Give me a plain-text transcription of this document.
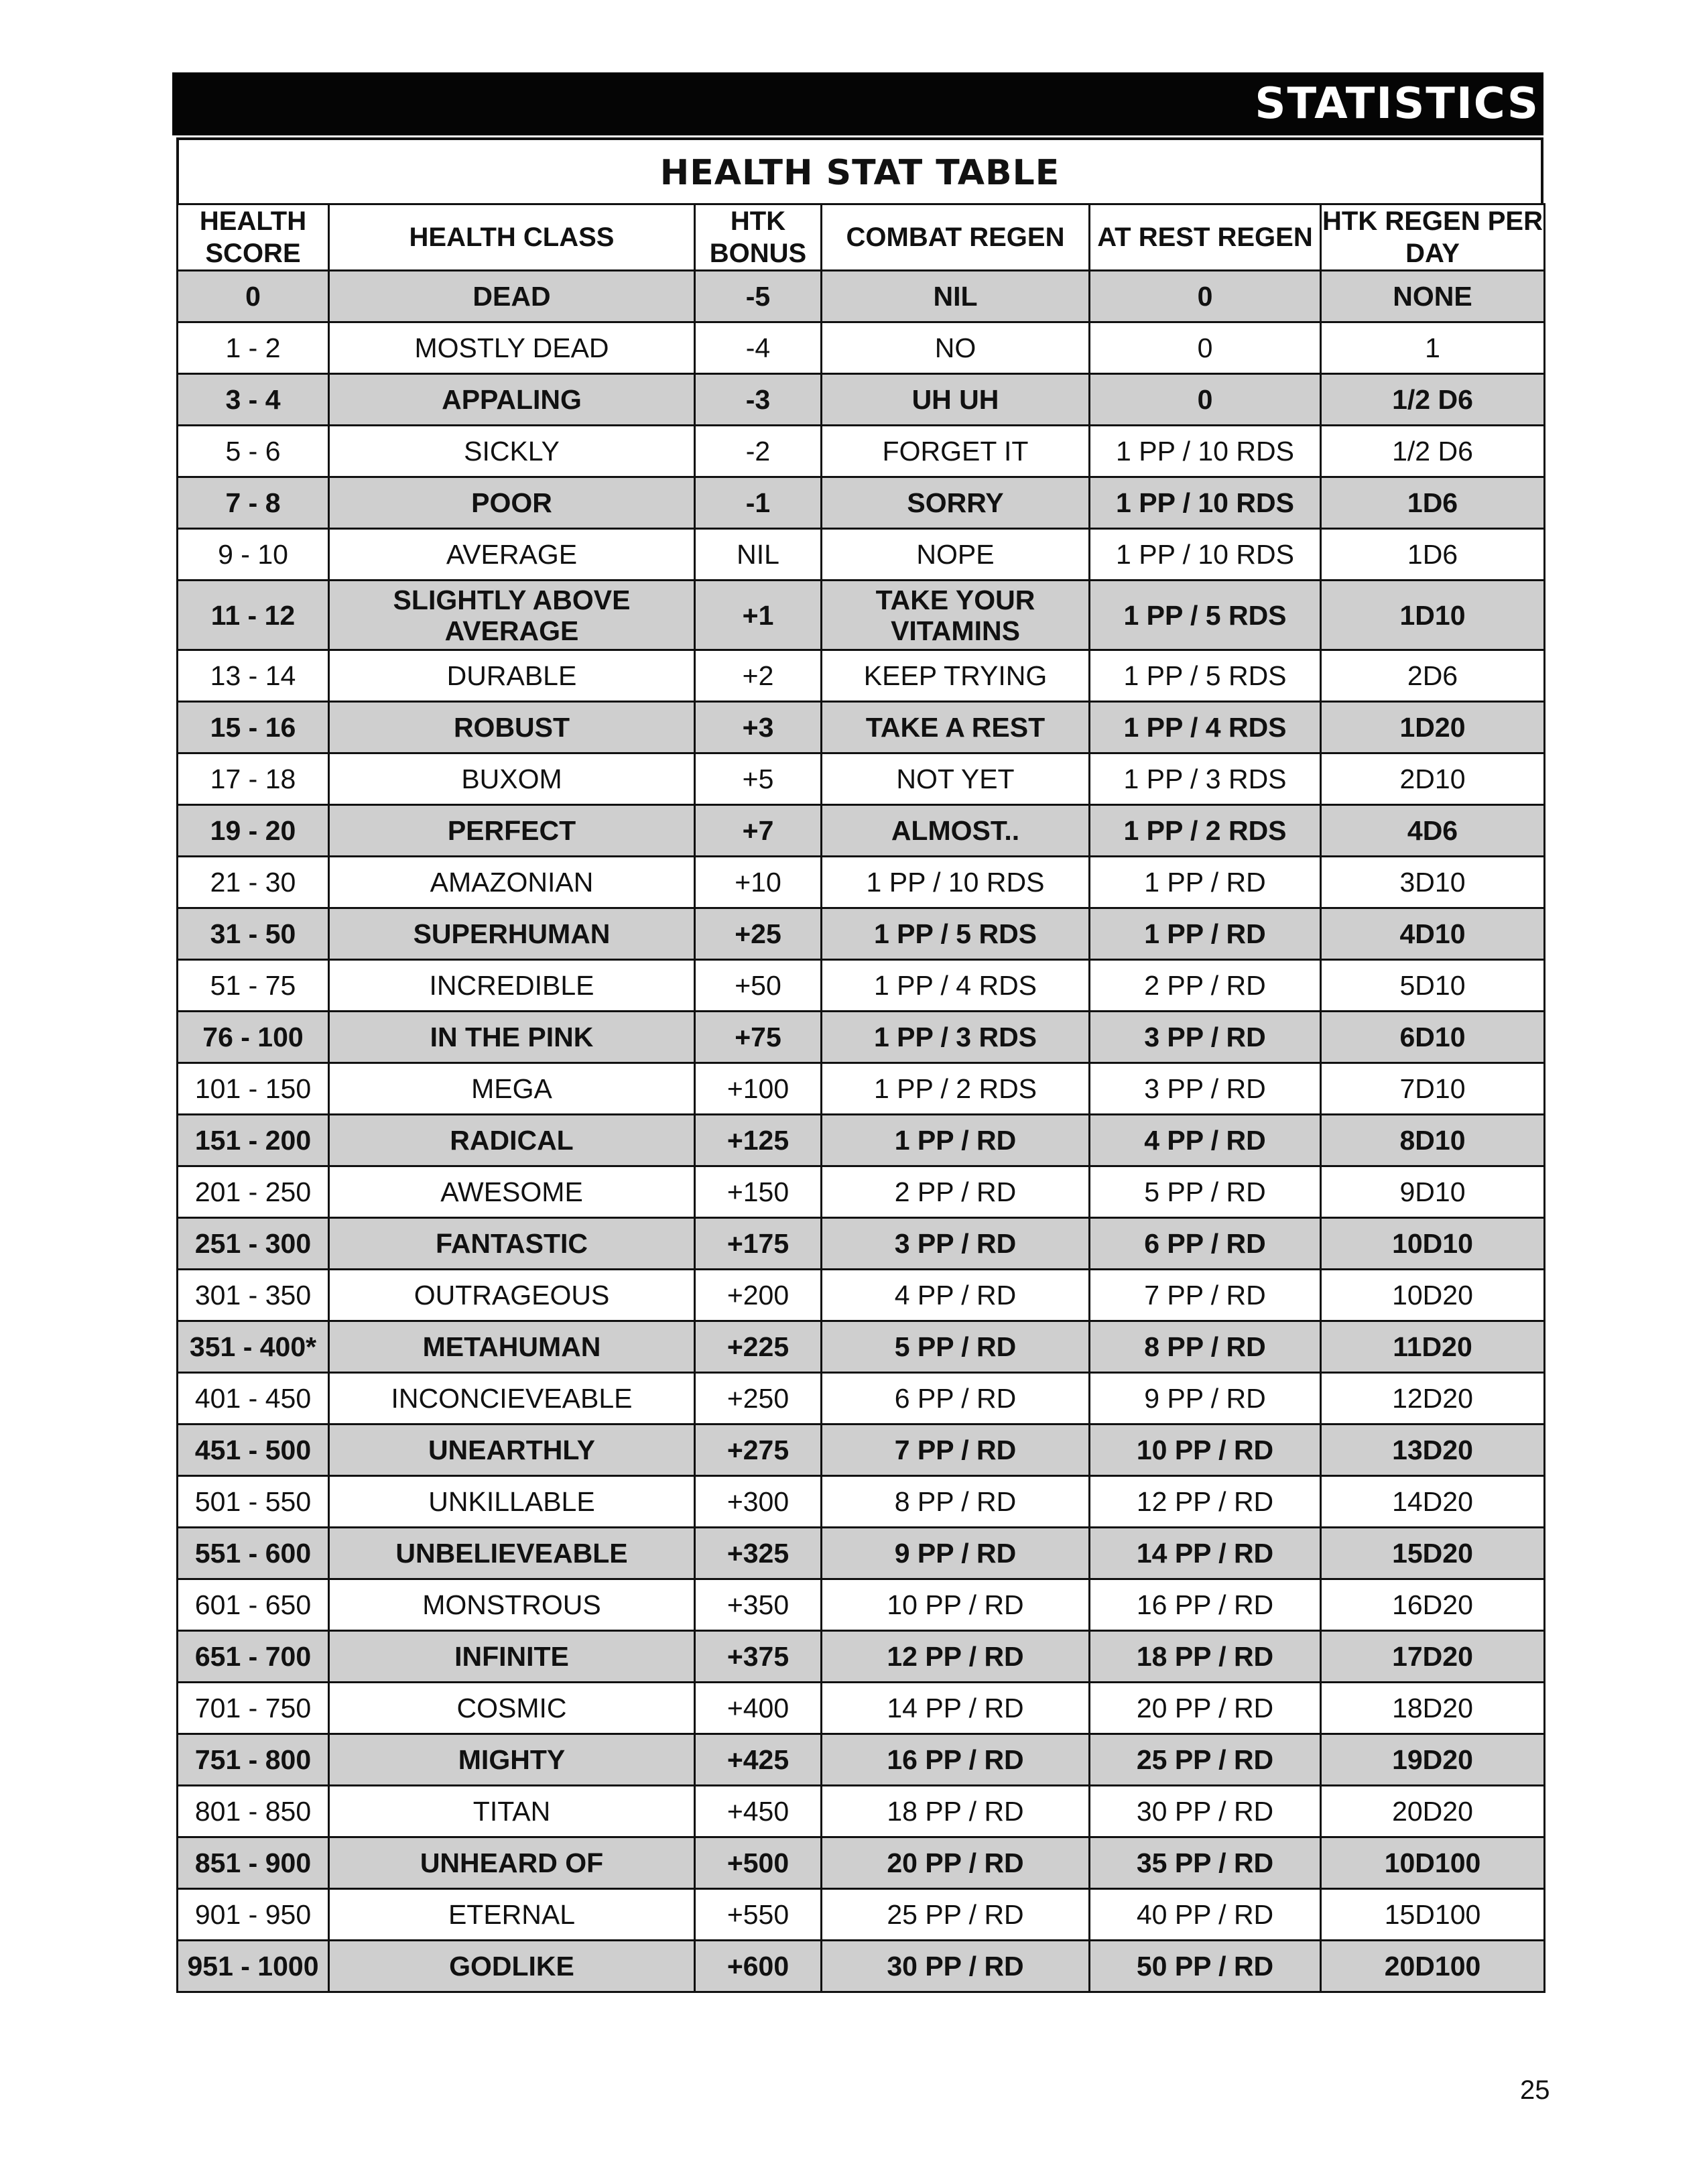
STATISTICS
HEALTH STAT TABLE
HEALTH SCORE	HEALTH CLASS	HTK BONUS	COMBAT REGEN	AT REST REGEN	HTK REGEN PER DAY
0	DEAD	-5	NIL	0	NONE
1 - 2	MOSTLY DEAD	-4	NO	0	1
3 - 4	APPALING	-3	UH UH	0	1/2 D6
5 - 6	SICKLY	-2	FORGET IT	1 PP / 10 RDS	1/2 D6
7 - 8	POOR	-1	SORRY	1 PP / 10 RDS	1D6
9 - 10	AVERAGE	NIL	NOPE	1 PP / 10 RDS	1D6
11 - 12	SLIGHTLY ABOVE AVERAGE	+1	TAKE YOUR VITAMINS	1 PP / 5 RDS	1D10
13 - 14	DURABLE	+2	KEEP TRYING	1 PP / 5 RDS	2D6
15 - 16	ROBUST	+3	TAKE A REST	1 PP / 4 RDS	1D20
17 - 18	BUXOM	+5	NOT YET	1 PP / 3 RDS	2D10
19 - 20	PERFECT	+7	ALMOST..	1 PP / 2 RDS	4D6
21 - 30	AMAZONIAN	+10	1 PP / 10 RDS	1 PP / RD	3D10
31 - 50	SUPERHUMAN	+25	1 PP / 5 RDS	1 PP / RD	4D10
51 - 75	INCREDIBLE	+50	1 PP / 4 RDS	2 PP / RD	5D10
76 - 100	IN THE PINK	+75	1 PP / 3 RDS	3 PP / RD	6D10
101 - 150	MEGA	+100	1 PP / 2 RDS	3 PP / RD	7D10
151 - 200	RADICAL	+125	1 PP / RD	4 PP / RD	8D10
201 - 250	AWESOME	+150	2 PP / RD	5 PP / RD	9D10
251 - 300	FANTASTIC	+175	3 PP / RD	6 PP / RD	10D10
301 - 350	OUTRAGEOUS	+200	4 PP / RD	7 PP / RD	10D20
351 - 400*	METAHUMAN	+225	5 PP / RD	8 PP / RD	11D20
401 - 450	INCONCIEVEABLE	+250	6 PP / RD	9 PP / RD	12D20
451 - 500	UNEARTHLY	+275	7 PP / RD	10 PP / RD	13D20
501 - 550	UNKILLABLE	+300	8 PP / RD	12 PP / RD	14D20
551 - 600	UNBELIEVEABLE	+325	9 PP / RD	14 PP / RD	15D20
601 - 650	MONSTROUS	+350	10 PP / RD	16 PP / RD	16D20
651 - 700	INFINITE	+375	12 PP / RD	18 PP / RD	17D20
701 - 750	COSMIC	+400	14 PP / RD	20 PP / RD	18D20
751 - 800	MIGHTY	+425	16 PP / RD	25 PP / RD	19D20
801 - 850	TITAN	+450	18 PP / RD	30 PP / RD	20D20
851 - 900	UNHEARD OF	+500	20 PP / RD	35 PP / RD	10D100
901 - 950	ETERNAL	+550	25 PP / RD	40 PP / RD	15D100
951 - 1000	GODLIKE	+600	30 PP / RD	50 PP / RD	20D100
25
